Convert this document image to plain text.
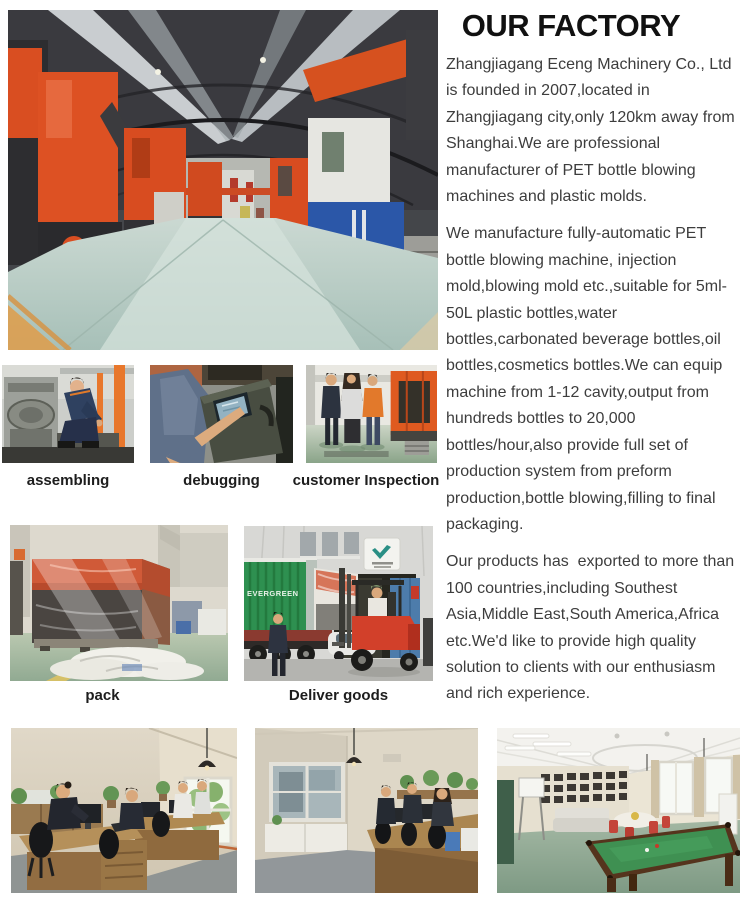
OUR FACTORY

Zhangjiagang Eceng Machinery Co., Ltd is founded in 2007,located in Zhangjiagang city,only 120km away from Shanghai.We are professional manufacturer of PET bottle blowing machines and plastic molds.

We manufacture fully-automatic PET bottle blowing machine, injection mold,blowing mold etc.,suitable for 5ml-50L plastic bottles,water bottles,carbonated beverage bottles,oil bottles,cosmetics bottles.We can equip machine from 1-12 cavity,output from hundreds bottles to 20,000 bottles/hour,also provide full set of production system from preform production,bottle blowing,filling to final packaging.

Our products has  exported to more than 100 countries,including Southest Asia,Middle East,South America,Africa etc.We'd like to provide high quality solution to clients with our enthusiasm and rich experience.

assembling	debugging	customer Inspection
pack
EVERGREEN
Deliver goods
